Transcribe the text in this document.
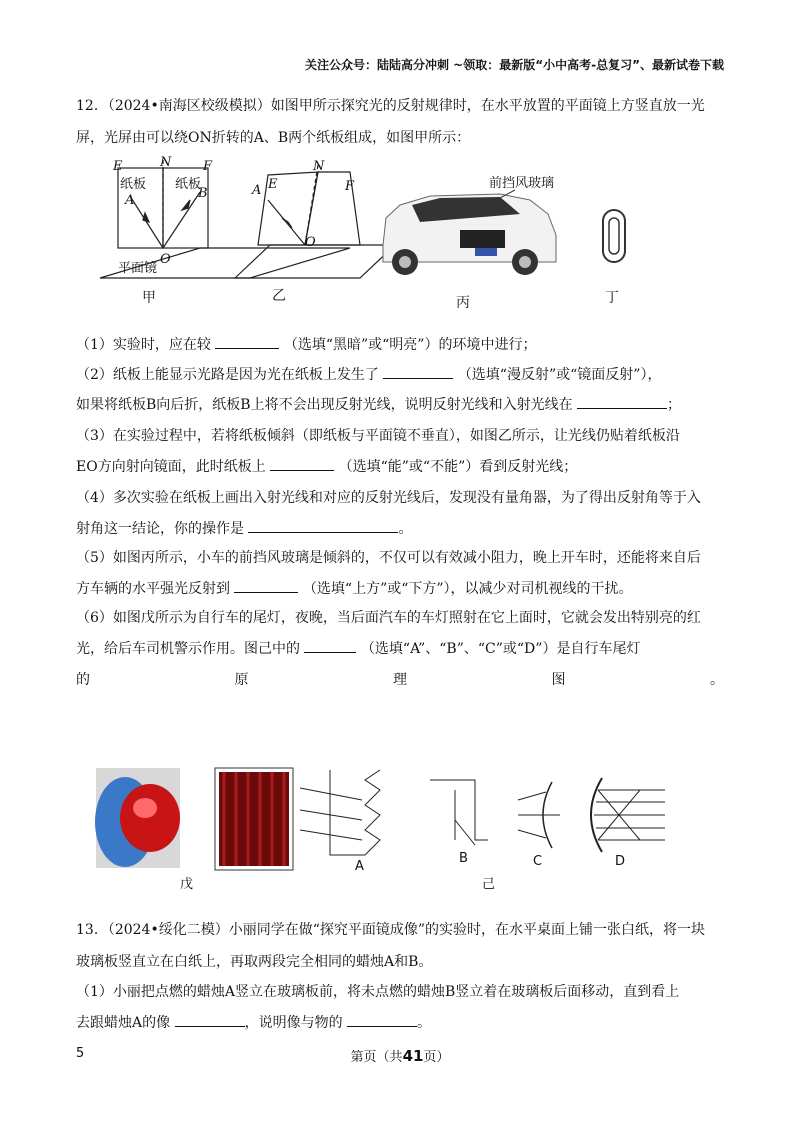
关注公众号：陆陆高分冲刺 ~领取：最新版“小中高考-总复习”、最新试卷下载
12．（2024•南海区校级模拟）如图甲所示探究光的反射规律时，在水平放置的平面镜上方竖直放一光
屏，光屏由可以绕ON折转的A、B两个纸板组成，如图甲所示：
E	N F
纸板 纸板
A	B
O
平面镜
N
A E	F
O
前挡风玻璃
甲	乙	丙	丁
（1）实验时，应在较	（选填“黑暗”或“明亮”）的环境中进行；
（2）纸板上能显示光路是因为光在纸板上发生了	（选填“漫反射”或“镜面反射”），
如果将纸板B向后折，纸板B上将不会出现反射光线，说明反射光线和入射光线在	；
（3）在实验过程中，若将纸板倾斜（即纸板与平面镜不垂直），如图乙所示，让光线仍贴着纸板沿
EO方向射向镜面，此时纸板上	（选填“能”或“不能”）看到反射光线；
（4）多次实验在纸板上画出入射光线和对应的反射光线后，发现没有量角器，为了得出反射角等于入
射角这一结论，你的操作是	。
（5）如图丙所示，小车的前挡风玻璃是倾斜的，不仅可以有效减小阻力，晚上开车时，还能将来自后
方车辆的水平强光反射到	（选填“上方”或“下方”），以减少对司机视线的干扰。
（6）如图戊所示为自行车的尾灯，夜晚，当后面汽车的车灯照射在它上面时，它就会发出特别亮的红
光，给后车司机警示作用。图己中的	（选填“A”、“B”、“C”或“D”）是自行车尾灯
的	原	理	图	。
戊	己
A
B	C	D
13．（2024•绥化二模）小丽同学在做“探究平面镜成像”的实验时，在水平桌面上铺一张白纸，将一块
玻璃板竖直立在白纸上，再取两段完全相同的蜡烛A和B。
（1）小丽把点燃的蜡烛A竖立在玻璃板前，将未点燃的蜡烛B竖立着在玻璃板后面移动，直到看上
去跟蜡烛A的像	，说明像与物的	。
5	第页（共41页）
